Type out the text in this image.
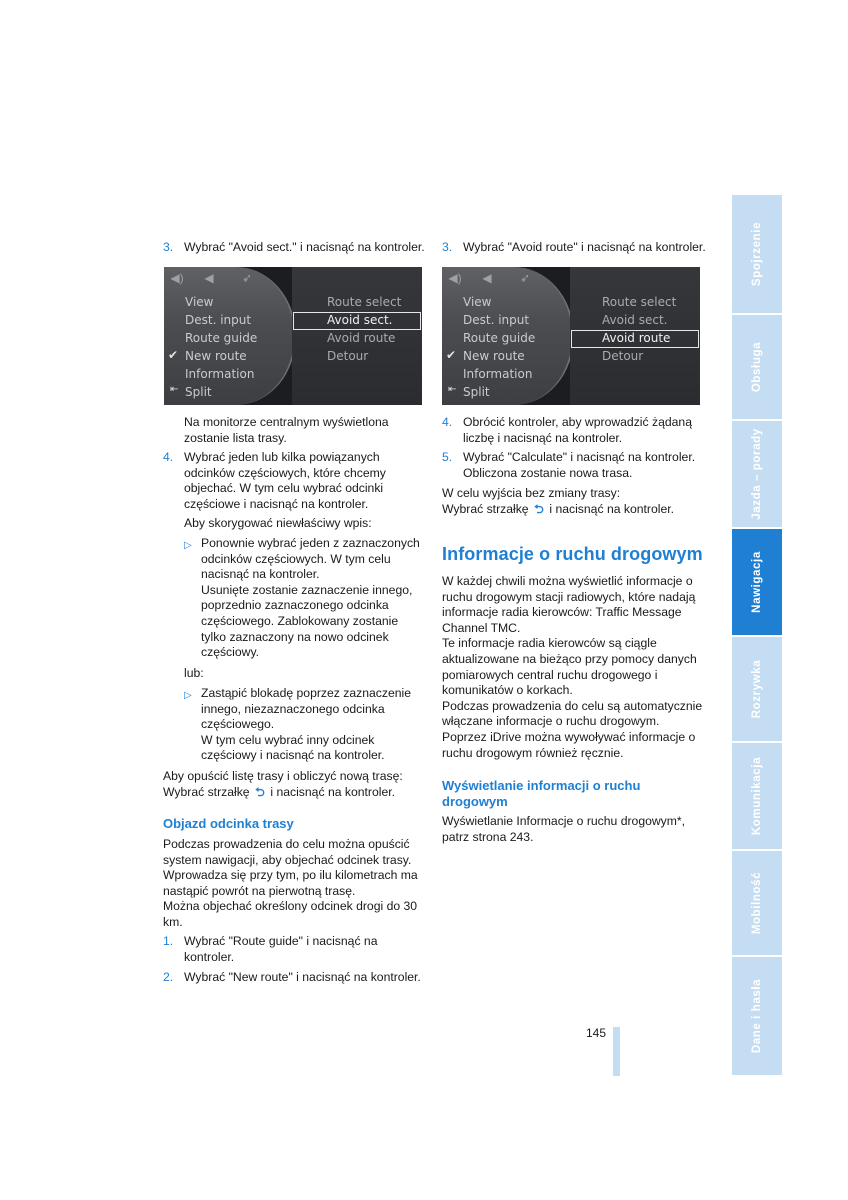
3. Wybrać "Avoid sect." i nacisnąć na kontroler.
◀)	◀	➶
View
Dest. input
Route guide
✔ New route
Information
⇤ Split
Route select
Avoid sect.
Avoid route
Detour
Na monitorze centralnym wyświetlona zostanie lista trasy.
4. Wybrać jeden lub kilka powiązanych odcinków częściowych, które chcemy objechać. W tym celu wybrać odcinki częściowe i nacisnąć na kontroler.
Aby skorygować niewłaściwy wpis:
▷ Ponownie wybrać jeden z zaznaczonych odcinków częściowych. W tym celu nacisnąć na kontroler.
Usunięte zostanie zaznaczenie innego, poprzednio zaznaczonego odcinka częściowego. Zablokowany zostanie tylko zaznaczony na nowo odcinek częściowy.
lub:
▷ Zastąpić blokadę poprzez zaznaczenie innego, niezaznaczonego odcinka częściowego.
W tym celu wybrać inny odcinek częściowy i nacisnąć na kontroler.
Aby opuścić listę trasy i obliczyć nową trasę:
Wybrać strzałkę ⮌ i nacisnąć na kontroler.
Objazd odcinka trasy
Podczas prowadzenia do celu można opuścić system nawigacji, aby objechać odcinek trasy. Wprowadza się przy tym, po ilu kilometrach ma nastąpić powrót na pierwotną trasę.
Można objechać określony odcinek drogi do 30 km.
1. Wybrać "Route guide" i nacisnąć na kontroler.
2. Wybrać "New route" i nacisnąć na kontroler.
3. Wybrać "Avoid route" i nacisnąć na kontroler.
◀)	◀	➶
View
Dest. input
Route guide
✔ New route
Information
⇤ Split
Route select
Avoid sect.
Avoid route
Detour
4. Obrócić kontroler, aby wprowadzić żądaną liczbę i nacisnąć na kontroler.
5. Wybrać "Calculate" i nacisnąć na kontroler. Obliczona zostanie nowa trasa.
W celu wyjścia bez zmiany trasy:
Wybrać strzałkę ⮌ i nacisnąć na kontroler.
Informacje o ruchu drogowym
W każdej chwili można wyświetlić informacje o ruchu drogowym stacji radiowych, które nadają informacje radia kierowców: Traffic Message Channel TMC.
Te informacje radia kierowców są ciągle aktualizowane na bieżąco przy pomocy danych pomiarowych central ruchu drogowego i komunikatów o korkach.
Podczas prowadzenia do celu są automatycznie włączane informacje o ruchu drogowym.
Poprzez iDrive można wywoływać informacje o ruchu drogowym również ręcznie.
Wyświetlanie informacji o ruchu drogowym
Wyświetlanie Informacje o ruchu drogowym*, patrz strona 243.
145
Spojrzenie
Obsługa
Jazda – porady
Nawigacja
Rozrywka
Komunikacja
Mobilność
Dane i hasła
